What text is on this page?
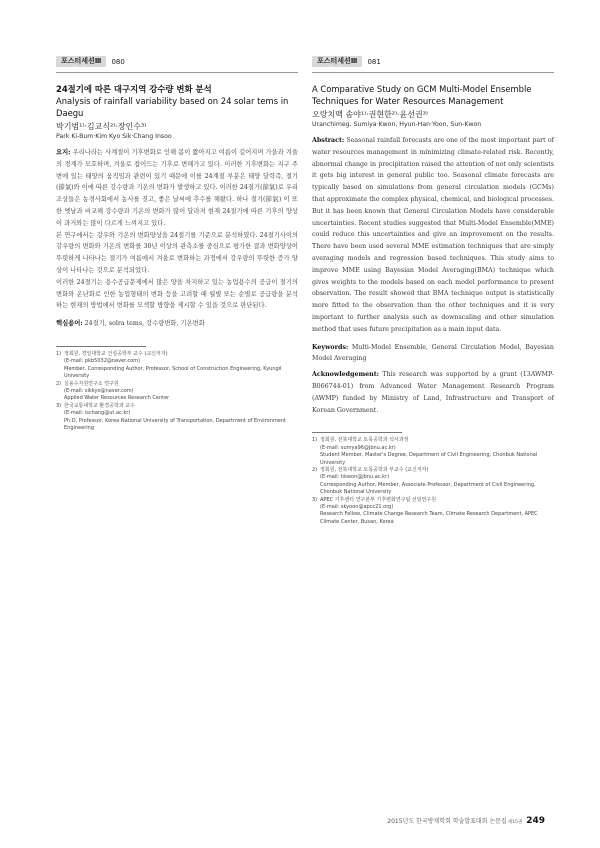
포스터세션Ⅲ	080
24절기에 따른 대구지역 강수량 변화 분석
Analysis of rainfall variability based on 24 solar tems in
Daegu
박기범¹⁾·김교식²⁾·장인수³⁾
Park Ki-Bum·Kim Kyo Sik·Chang Insoo

요지: 우리나라는 사계절이 기후변화로 인해 봄이 짧아지고 여름이 길어지며 가을과 겨울의 경계가 모호하며, 겨울로 접어드는 기후로 변해가고 있다. 이러한 기후변화는 지구 주변에 있는 태양의 움직임과 관련이 있기 때문에 이를 24계절 부분은 태양 달력즉, 절기(節氣)와 이에 따른 강수량과 기온의 변화가 발생하고 있다. 이러한 24절기(節氣)로 우리 조상들은 농경사회에서 농사를 짓고, 좋은 날씨에 추수를 해왔다. 하나 절기(節氣) 이 또한 옛날과 비교해 강수량과 기온의 변화가 많이 달라져 현재 24절기에 따른 기후의 양상이 과거와는 많이 다르게 느껴지고 있다.

본 연구에서는 강우와 기온의 변화양상을 24절기를 기준으로 분석하였다. 24절기사이의 강우량의 변화와 기온의 변화를 30년 이상의 관측소를 중심으로 평가한 결과 변화양상이 뚜렷하게 나타나는 절기가 여름에서 겨울로 변화하는 과정에서 강우량의 뚜렷한 증가 양상이 나타나는 것으로 분석되었다.

이러한 24절기는 용수공급문제에서 많은 양을 차지하고 있는 농업용수의 공급이 절기의 변화와 온난화로 인한 농업형태의 변화 등을 고려할 때 월별 또는 순별로 공급량을 분석하는 현재의 방법에서 변화를 모색할 방향을 제시할 수 있을 것으로 판단된다.

핵심용어: 24절기, solra tems, 강수량변화, 기온변화
1) 정회원, 경일대학교 건설공학부 교수 (교신저자)
(E-mail: pkb5032@naver.com)
Member, Corresponding Author, Professor, School of Construction Engineering, Kyungil University
2) 실용수자원연구소 연구원
(E-mail: sikkyo@naver.com)
Applied Water Resources Research Center
3) 한국교통대학교 환경공학과 교수
(E-mail: ischang@ut.ac.kr)
Ph.D, Professor, Korea National University of Transportation, Department of Environment Engineering
포스터세션Ⅲ	081
A Comparative Study on GCM Multi-Model Ensemble
Techniques for Water Resources Management
오랑치맥 솜야¹⁾·권현한²⁾·윤선권³⁾
Uranchimeg, Sumiya·Kwon, Hyun-Han·Yoon, Sun-Kwon

Abstract: Seasonal rainfall forecasts are one of the most important part of water resources management in minimizing climate-related risk. Recently, abnormal change in precipitation raised the attention of not only scientists it gets big interest in general public too. Seasonal climate forecasts are typically based on simulations from general circulation models (GCMs) that approximate the complex physical, chemical, and biological processes. But it has been known that General Circulation Models have considerable uncertainties. Recent studies suggested that Multi-Model Ensemble(MME) could reduce this uncertainties and give an improvement on the results. There have been used several MME estimation techniques that are simply averaging models and regression based techniques. This study aims to improve MME using Bayesian Model Averaging(BMA) technique which gives weights to the models based on each model performance to present observation. The result showed that BMA technique output is statistically more fitted to the observation than the other techniques and it is very important to further analysis such as downscaling and other simulation method that uses future precipitation as a main input data.

Keywords: Multi-Model Ensemble, General Circulation Model, Bayesian Model Averaging
Acknowledgement: This research was supported by a grant (13AWMP-B066744-01) from Advanced Water Management Research Program (AWMP) funded by Ministry of Land, Infrastructure and Transport of Korean Government.
1) 정회원, 전북대학교 토목공학과 석사과정
(E-mail: sumya96@jbnu.ac.kr)
Student Member, Master's Degree, Department of Civil Engineering, Chonbuk National University
2) 정회원, 전북대학교 토목공학과 부교수 (교신저자)
(E-mail: hkwon@jbnu.ac.kr)
Corresponding Author, Member, Associate Professor, Department of Civil Engineering, Chonbuk National University
3) APEC 기후센터 연구본부 기후변화연구팀 선임연구원
(E-mail: skyoon@apcc21.org)
Research Fellow, Climate Change Research Team, Climate Research Department, APEC Climate Center, Busan, Korea
2015년도 한국방재학회 학술발표대회 논문집제15권 249
